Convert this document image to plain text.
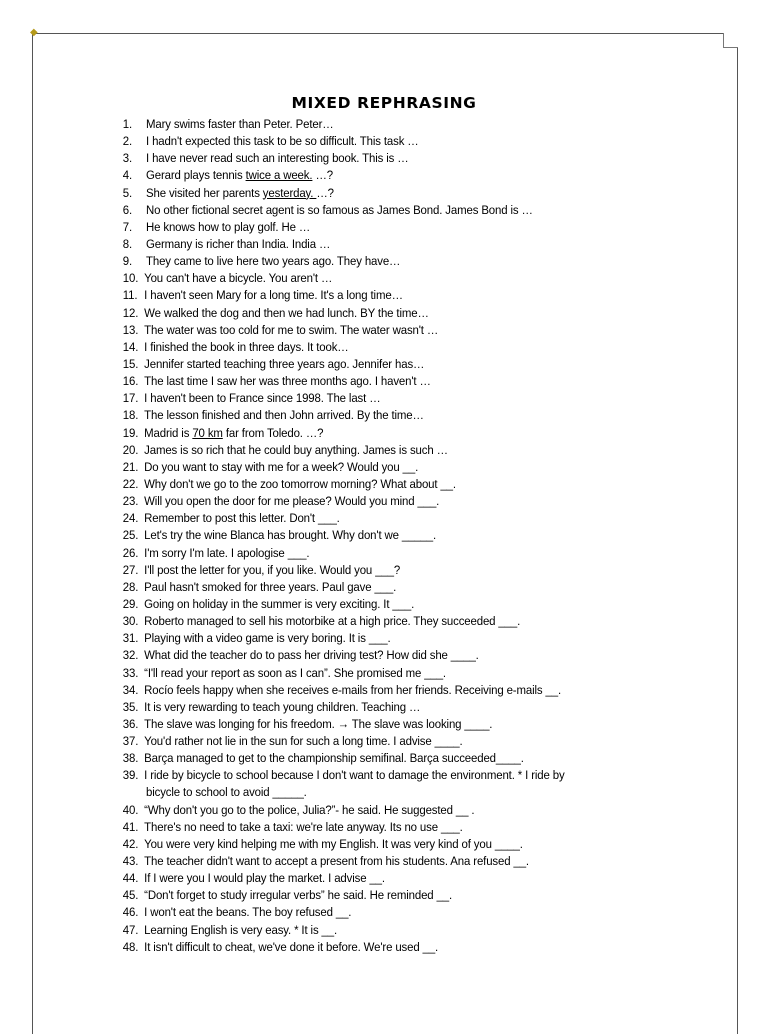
◆
MIXED REPHRASING
1.	Mary swims faster than Peter. Peter…
2.	I hadn't expected this task to be so difficult. This task …
3.	I have never read such an interesting book. This is …
4.	Gerard plays tennis twice a week. …?
5.	She visited her parents yesterday. …?
6.	No other fictional secret agent is so famous as James Bond. James Bond is …
7.	He knows how to play golf. He …
8.	Germany is richer than India. India …
9.	They came to live here two years ago. They have…
10. You can't have a bicycle. You aren't …
11. I haven't seen Mary for a long time. It's a long time…
12. We walked the dog and then we had lunch. BY the time…
13. The water was too cold for me to swim. The water wasn't …
14. I finished the book in three days. It took…
15. Jennifer started teaching three years ago. Jennifer has…
16. The last time I saw her was three months ago. I haven't …
17. I haven't been to France since 1998. The last …
18. The lesson finished and then John arrived. By the time…
19. Madrid is 70 km far from Toledo. …?
20. James is so rich that he could buy anything. James is such …
21. Do you want to stay with me for a week? Would you __.
22. Why don't we go to the zoo tomorrow morning? What about __.
23. Will you open the door for me please? Would you mind ___.
24. Remember to post this letter. Don't ___.
25. Let's try the wine Blanca has brought. Why don't we _____.
26. I'm sorry I'm late. I apologise ___.
27. I'll post the letter for you, if you like. Would you ___?
28. Paul hasn't smoked for three years. Paul gave ___.
29. Going on holiday in the summer is very exciting. It ___.
30. Roberto managed to sell his motorbike at a high price. They succeeded ___.
31. Playing with a video game is very boring. It is ___.
32. What did the teacher do to pass her driving test? How did she ____.
33. “I'll read your report as soon as I can”. She promised me ___.
34. Rocío feels happy when she receives e-mails from her friends. Receiving e-mails __.
35. It is very rewarding to teach young children. Teaching …
36. The slave was longing for his freedom. → The slave was looking ____.
37. You'd rather not lie in the sun for such a long time. I advise ____.
38. Barça managed to get to the championship semifinal. Barça succeeded____.
39. I ride by bicycle to school because I don't want to damage the environment. * I ride by
bicycle to school to avoid _____.
40. “Why don't you go to the police, Julia?”- he said. He suggested __ .
41. There's no need to take a taxi: we're late anyway. Its no use ___.
42. You were very kind helping me with my English. It was very kind of you ____.
43. The teacher didn't want to accept a present from his students. Ana refused __.
44. If I were you I would play the market. I advise __.
45. “Don't forget to study irregular verbs” he said. He reminded __.
46. I won't eat the beans. The boy refused __.
47. Learning English is very easy. * It is __.
48. It isn't difficult to cheat, we've done it before. We're used __.
